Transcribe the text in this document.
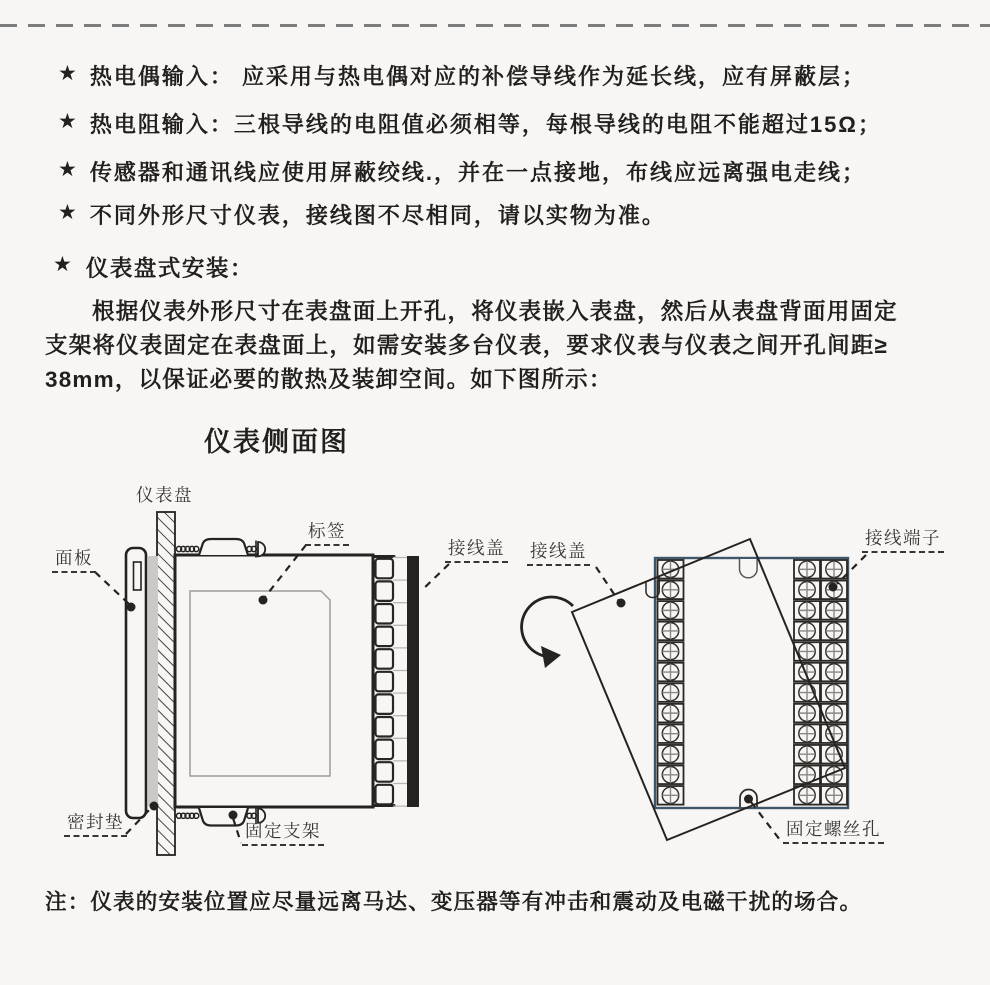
★ 热电偶输入： 应采用与热电偶对应的补偿导线作为延长线，应有屏蔽层；
★ 热电阻输入：三根导线的电阻值必须相等，每根导线的电阻不能超过15Ω；
★ 传感器和通讯线应使用屏蔽绞线.，并在一点接地，布线应远离强电走线；
★ 不同外形尺寸仪表，接线图不尽相同，请以实物为准。
★ 仪表盘式安装：
根据仪表外形尺寸在表盘面上开孔，将仪表嵌入表盘，然后从表盘背面用固定
支架将仪表固定在表盘面上，如需安装多台仪表，要求仪表与仪表之间开孔间距≥
38mm，以保证必要的散热及装卸空间。如下图所示：
仪表侧面图
仪表盘
面板
标签
接线盖
密封垫	固定支架
接线盖
接线端子
固定螺丝孔
注：仪表的安装位置应尽量远离马达、变压器等有冲击和震动及电磁干扰的场合。
